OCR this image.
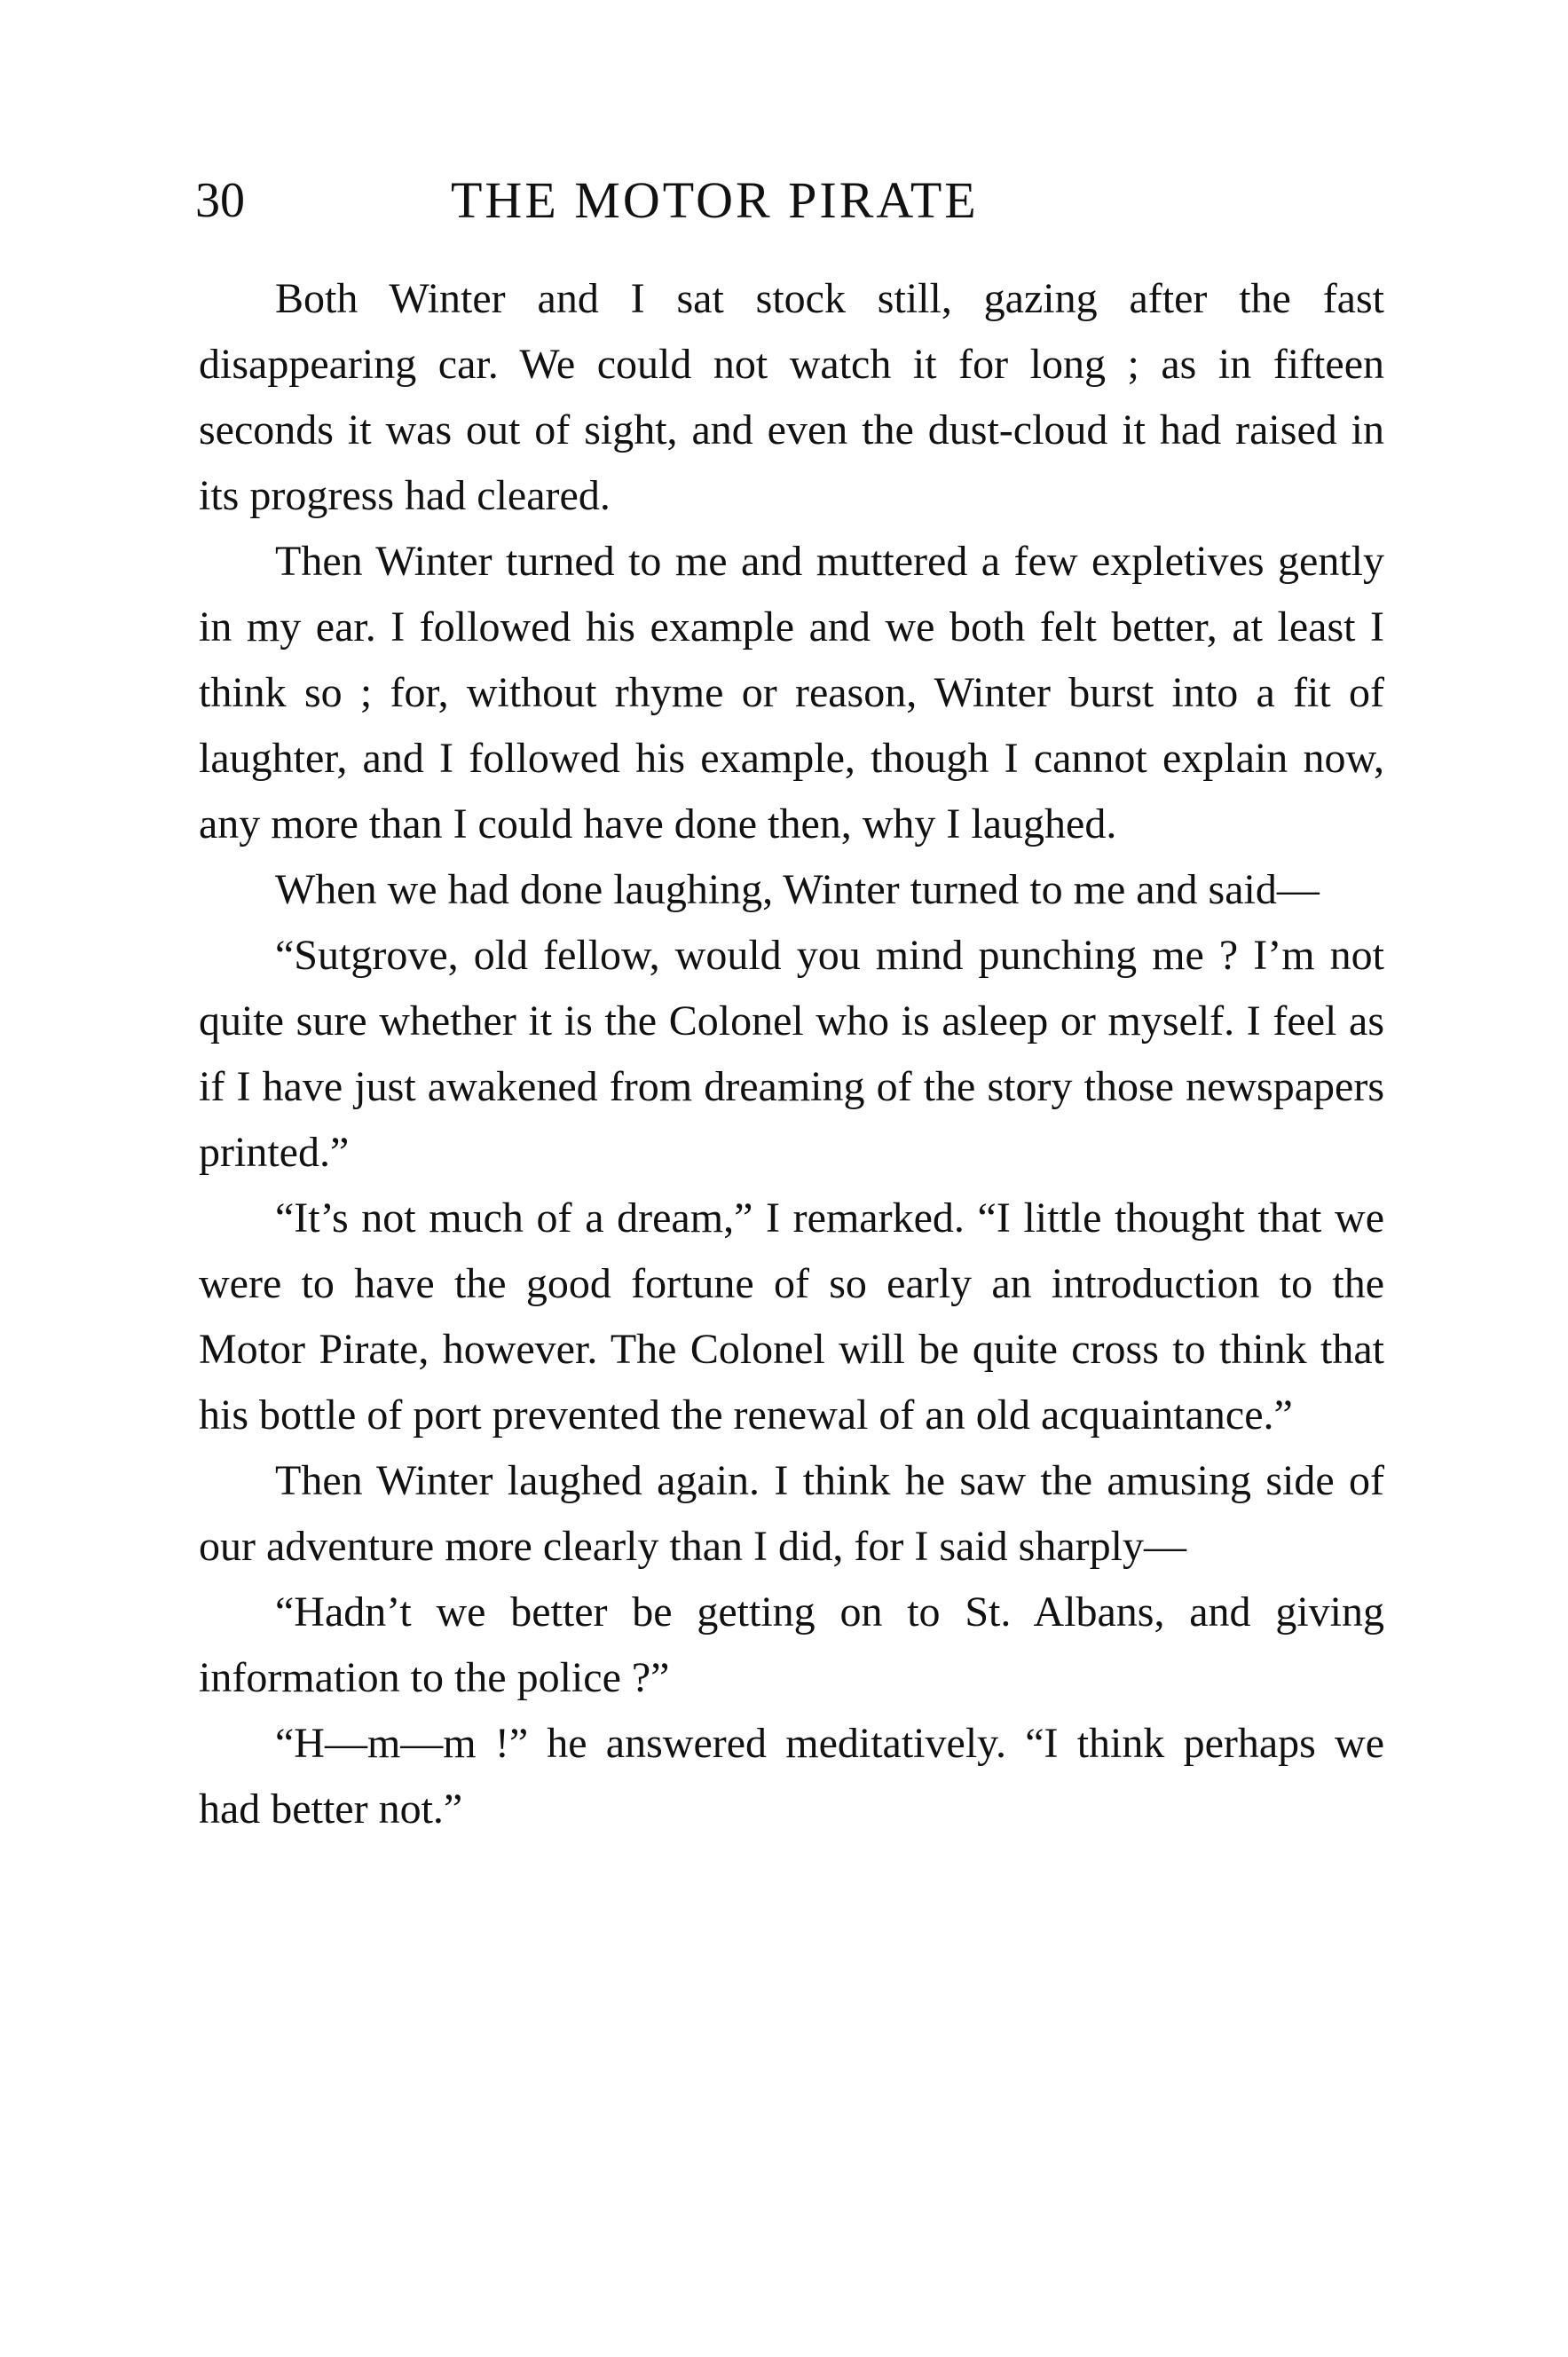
30	THE MOTOR PIRATE

Both Winter and I sat stock still, gazing after the fast disappearing car. We could not watch it for long ; as in fifteen seconds it was out of sight, and even the dust-cloud it had raised in its progress had cleared.

Then Winter turned to me and muttered a few expletives gently in my ear. I followed his example and we both felt better, at least I think so ; for, without rhyme or reason, Winter burst into a fit of laughter, and I followed his example, though I cannot explain now, any more than I could have done then, why I laughed.

When we had done laughing, Winter turned to me and said—

“Sutgrove, old fellow, would you mind punching me ? I’m not quite sure whether it is the Colonel who is asleep or myself. I feel as if I have just awakened from dreaming of the story those newspapers printed.”

“It’s not much of a dream,” I remarked. “I little thought that we were to have the good fortune of so early an introduction to the Motor Pirate, however. The Colonel will be quite cross to think that his bottle of port prevented the renewal of an old acquaintance.”

Then Winter laughed again. I think he saw the amusing side of our adventure more clearly than I did, for I said sharply—

“Hadn’t we better be getting on to St. Albans, and giving information to the police ?”

“H—m—m !” he answered meditatively. “I think perhaps we had better not.”
